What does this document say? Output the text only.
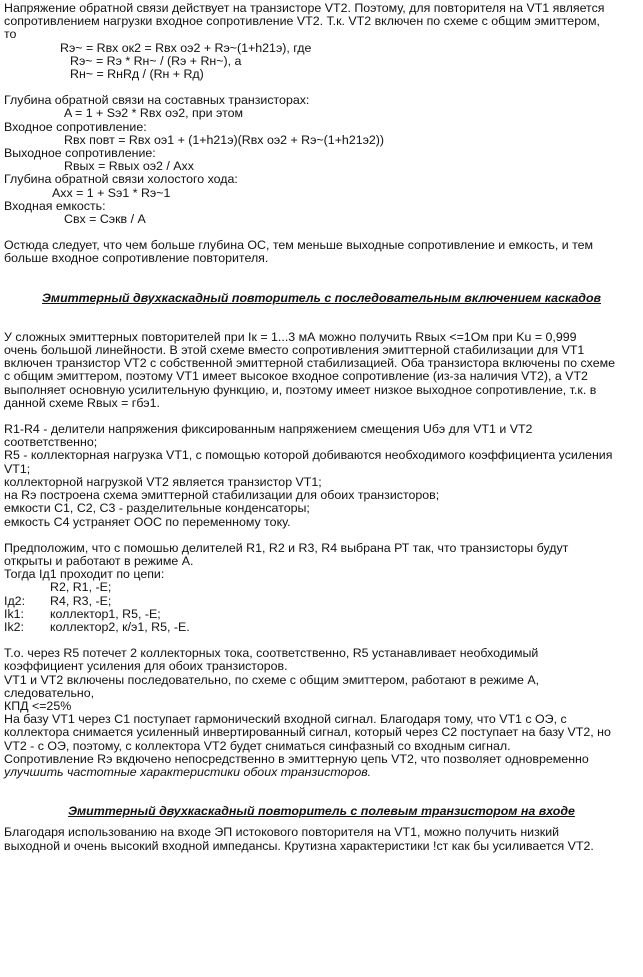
Напряжение обратной связи действует на транзисторе VT2. Поэтому, для повторителя на VT1 является

сопротивлением нагрузки входное сопротивление VT2. Т.к. VT2 включен по схеме с общим эмиттером,

то

Rэ~ = Rвх ок2 = Rвх оэ2 + Rэ~(1+h21э), где

Rэ~ = Rэ * Rн~ / (Rэ + Rн~), а

Rн~ = RнRд / (Rн + Rд)

Глубина обратной связи на составных транзисторах:

A = 1 + Sэ2 * Rвх оэ2, при этом

Входное сопротивление:

Rвх повт = Rвх оэ1 + (1+h21э)(Rвх оэ2 + Rэ~(1+h21э2))

Выходное сопротивление:

Rвых = Rвых оэ2 / Axx

Глубина обратной связи холостого хода:

Axx = 1 + Sэ1 * Rэ~1

Входная емкость:

Cвх = Cэкв / A

Остюда следует, что чем больше глубина ОС, тем меньше выходные сопротивление и емкость, и тем

больше входное сопротивление повторителя.

Эмиттерный двухкаскадный повторитель с последовательным включением каскадов

У сложных эмиттерных повторителей при Iк = 1...3 мА можно получить Rвых <=1Ом при Ku = 0,999

очень большой линейности. В этой схеме вместо сопротивления эмиттерной стабилизации для VT1

включен транзистор VT2 с собственной эмиттерной стабилизацией. Оба транзистора включены по схеме

с общим эмиттером, поэтому VT1 имеет высокое входное сопротивление (из-за наличия VT2), а VT2

выполняет основную усилительную функцию, и, поэтому имеет низкое выходное сопротивление, т.к. в

данной схеме Rвых = гбэ1.

R1-R4 - делители напряжения фиксированным напряжением смещения Uбэ для VT1 и VT2

соответственно;

R5 - коллекторная нагрузка VT1, с помощью которой добиваются необходимого коэффициента усиления

VT1;

коллекторной нагрузкой VT2 является транзистор VT1;

на Rэ построена схема эмиттерной стабилизации для обоих транзисторов;

емкости C1, C2, C3 - разделительные конденсаторы;

емкость C4 устраняет ООС по переменному току.

Предположим, что с помошью делителей R1, R2 и R3, R4 выбрана РТ так, что транзисторы будут

открыты и работают в режиме А.

Тогда Iд1 проходит по цепи:

R2, R1, -E;
Iд2:	R4, R3, -E;
Ik1:	коллектор1, R5, -E;
Ik2:	коллектор2, к/э1, R5, -E.

Т.о. через R5 потечет 2 коллекторных тока, соответственно, R5 устанавливает необходимый

коэффициент усиления для обоих транзисторов.

VT1 и VT2 включены последовательно, по схеме с общим эмиттером, работают в режиме А,

следовательно,

КПД <=25%

На базу VT1 через C1 поступает гармонический входной сигнал. Благодаря тому, что VT1 с ОЭ, с

коллектора снимается усиленный инвертированный сигнал, который через C2 поступает на базу VT2, но

VT2 - с ОЭ, поэтому, с коллектора VT2 будет сниматься синфазный со входным сигнал.

Сопротивление Rэ вкдючено непосредственно в эмиттерную цепь VT2, что позволяет одновременно

улучшить частотные характеристики обоих транзисторов.

Эмиттерный двухкаскадный повторитель с полевым транзистором на входе

Благодаря использованию на входе ЭП истокового повторителя на VT1, можно получить низкий

выходной и очень высокий входной импедансы. Крутизна характеристики !ст как бы усиливается VT2.
